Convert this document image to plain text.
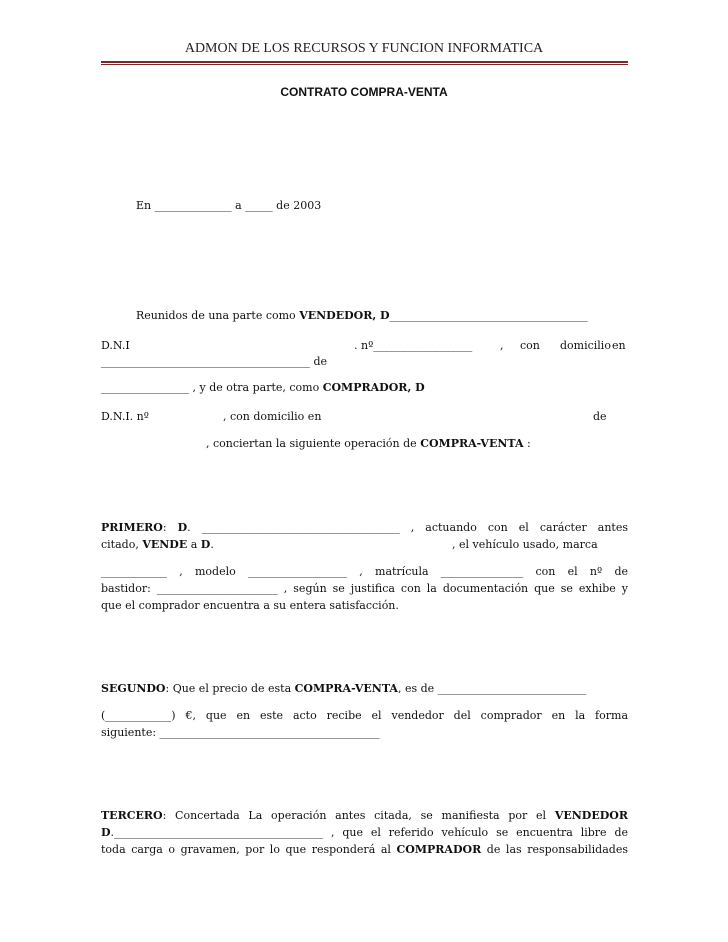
ADMON DE LOS RECURSOS Y FUNCION INFORMATICA
CONTRATO COMPRA-VENTA
En ______________ a _____ de 2003
Reunidos de una parte como VENDEDOR, D____________________________________
D.N.I	. nº__________________	, con domicilio en
______________________________________ de
________________ , y de otra parte, como COMPRADOR, D
D.N.I. nº	, con domicilio en	de
, conciertan la siguiente operación de COMPRA-VENTA :
PRIMERO: D. ____________________________________ , actuando con el carácter antes
citado, VENDE a D.	, el vehículo usado, marca
____________ , modelo __________________ , matrícula _______________ con el nº de
bastidor: ______________________ , según se justifica con la documentación que se exhibe y
que el comprador encuentra a su entera satisfacción.
SEGUNDO: Que el precio de esta COMPRA-VENTA, es de ___________________________
(____________) €, que en este acto recibe el vendedor del comprador en la forma
siguiente: ________________________________________
TERCERO: Concertada La operación antes citada, se manifiesta por el VENDEDOR
D.______________________________________ , que el referido vehículo se encuentra libre de
toda carga o gravamen, por lo que responderá al COMPRADOR de las responsabilidades
